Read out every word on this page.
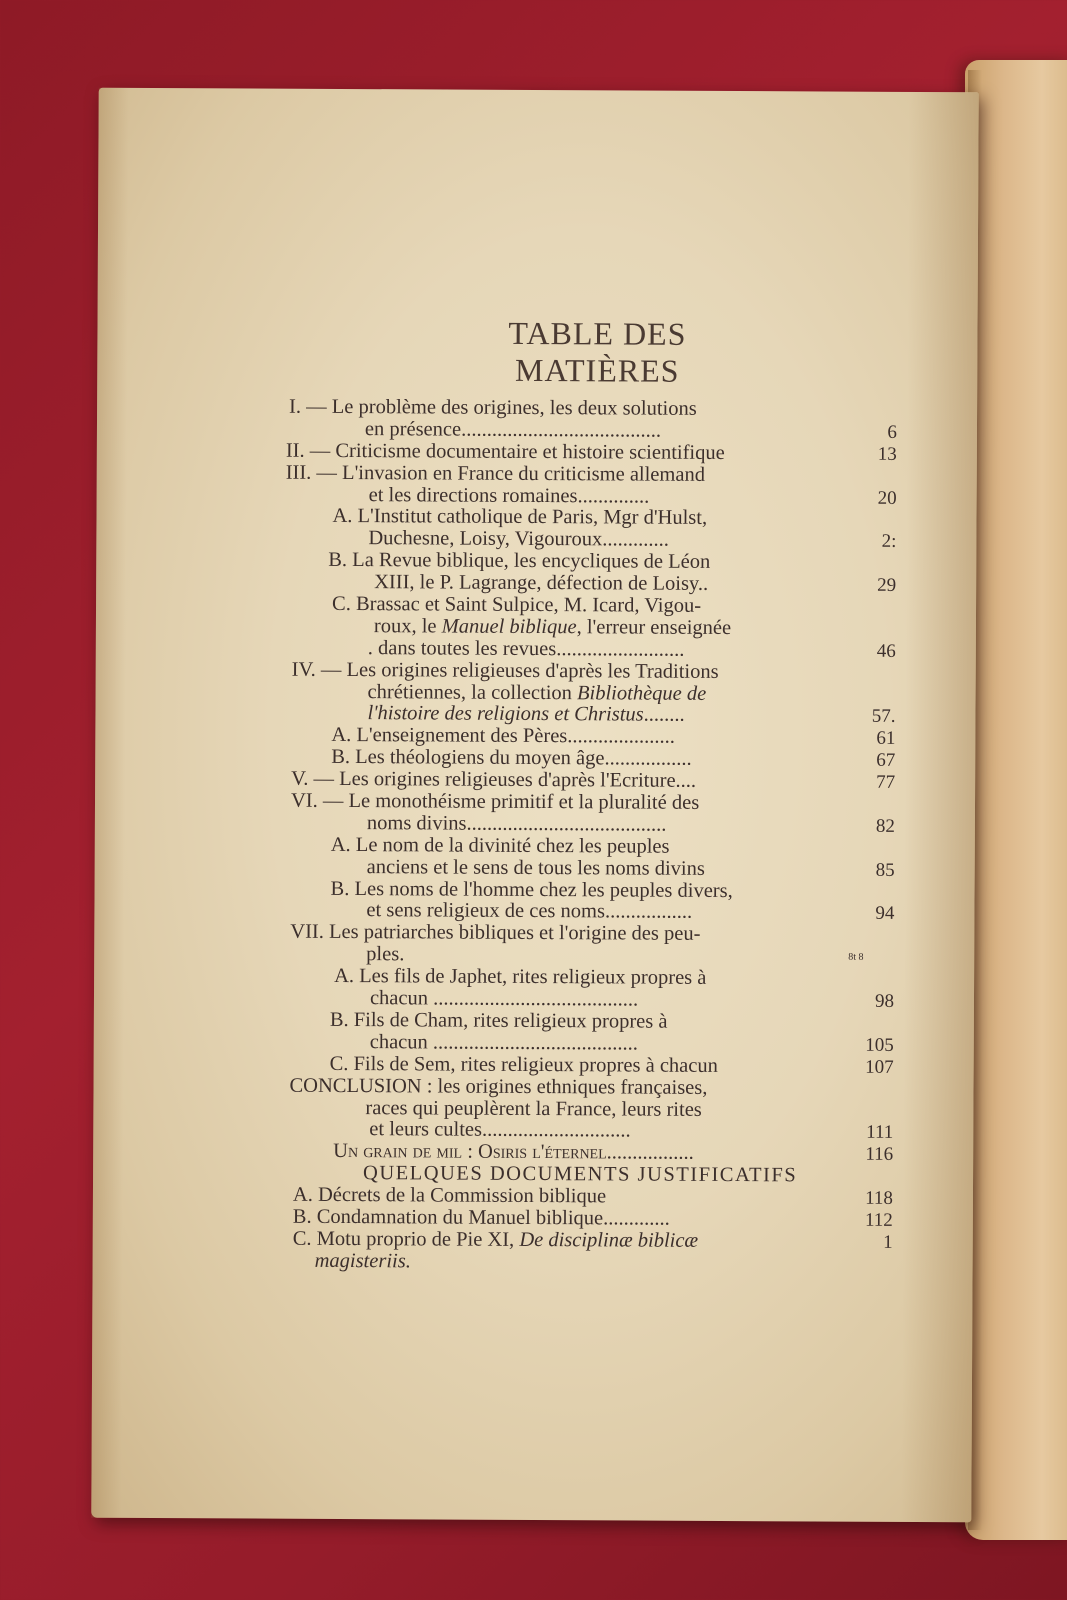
TABLE DES MATIÈRES
I. — Le problème des origines, les deux solutions
en présence.......................................	6
II. — Criticisme documentaire et histoire scientifique	13
III. — L'invasion en France du criticisme allemand
et les directions romaines..............	20
A. L'Institut catholique de Paris, Mgr d'Hulst,
Duchesne, Loisy, Vigouroux.............	2:
B. La Revue biblique, les encycliques de Léon
XIII, le P. Lagrange, défection de Loisy..	29
C. Brassac et Saint Sulpice, M. Icard, Vigou-
roux, le Manuel biblique, l'erreur enseignée
. dans toutes les revues.........................	46
IV. — Les origines religieuses d'après les Traditions
chrétiennes, la collection Bibliothèque de
l'histoire des religions et Christus........	57.
A. L'enseignement des Pères.....................	61
B. Les théologiens du moyen âge.................	67
V. — Les origines religieuses d'après l'Ecriture....	77
VI. — Le monothéisme primitif et la pluralité des
noms divins.......................................	82
A. Le nom de la divinité chez les peuples
anciens et le sens de tous les noms divins	85
B. Les noms de l'homme chez les peuples divers,
et sens religieux de ces noms.................	94
VII. Les patriarches bibliques et l'origine des peu-
ples.	8t 8
A. Les fils de Japhet, rites religieux propres à
chacun ........................................	98
B. Fils de Cham, rites religieux propres à
chacun ........................................	105
C. Fils de Sem, rites religieux propres à chacun	107
CONCLUSION : les origines ethniques françaises,
races qui peuplèrent la France, leurs rites
et leurs cultes.............................	111
Un grain de mil : Osiris l'éternel.................	116
QUELQUES DOCUMENTS JUSTIFICATIFS
A. Décrets de la Commission biblique	118
B. Condamnation du Manuel biblique.............	112
C. Motu proprio de Pie XI, De disciplinæ biblicæ	1
magisteriis.
